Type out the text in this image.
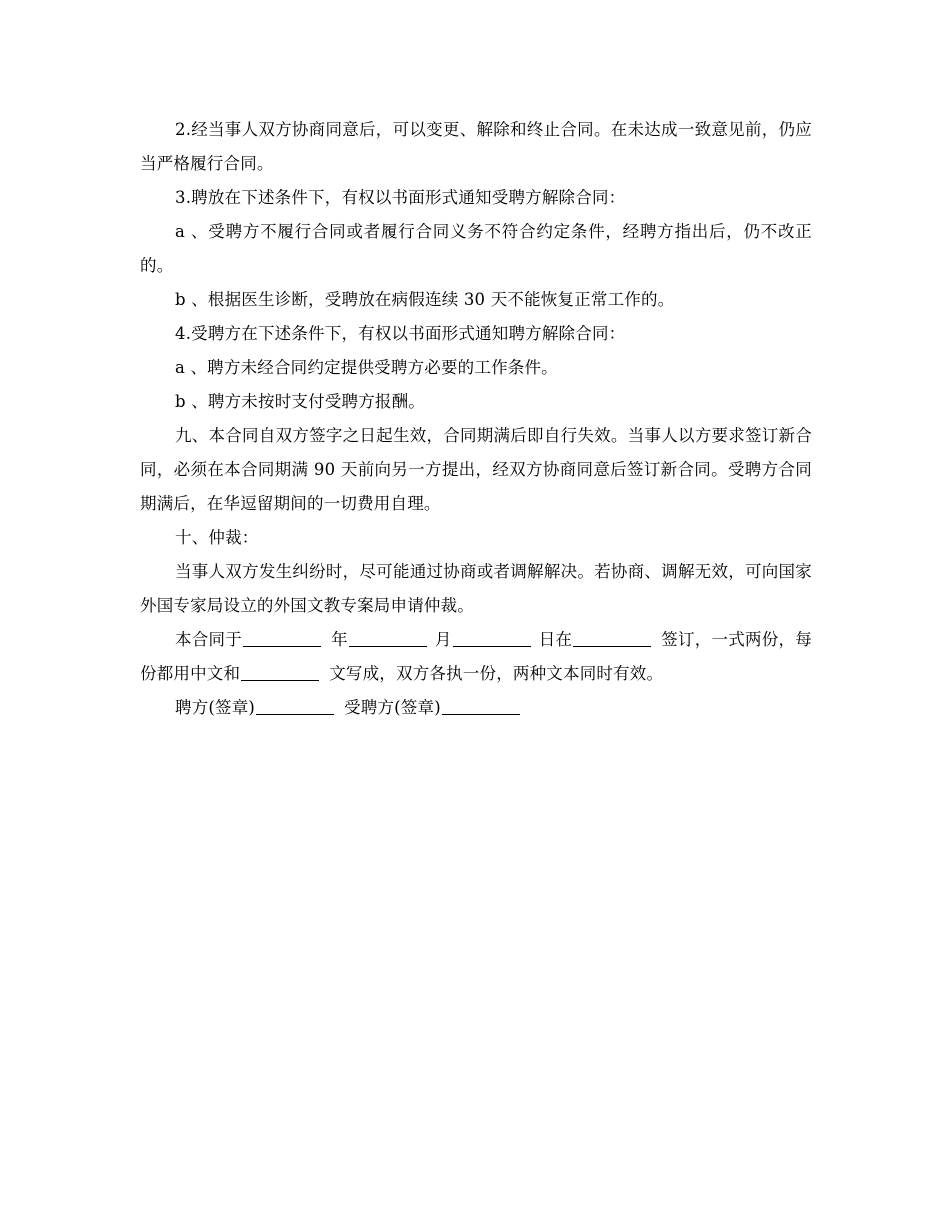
2.经当事人双方协商同意后，可以变更、解除和终止合同。在未达成一致意见前，仍应当严格履行合同。

3.聘放在下述条件下，有权以书面形式通知受聘方解除合同：

a 、受聘方不履行合同或者履行合同义务不符合约定条件，经聘方指出后，仍不改正的。

b 、根据医生诊断，受聘放在病假连续 30 天不能恢复正常工作的。

4.受聘方在下述条件下，有权以书面形式通知聘方解除合同：

a 、聘方未经合同约定提供受聘方必要的工作条件。

b 、聘方未按时支付受聘方报酬。

九、本合同自双方签字之日起生效，合同期满后即自行失效。当事人以方要求签订新合同，必须在本合同期满 90 天前向另一方提出，经双方协商同意后签订新合同。受聘方合同期满后，在华逗留期间的一切费用自理。

十、仲裁：

当事人双方发生纠纷时，尽可能通过协商或者调解解决。若协商、调解无效，可向国家外国专家局设立的外国文教专案局申请仲裁。

本合同于	年	月	日在	签订，一式两份，每份都用中文和	文写成，双方各执一份，两种文本同时有效。

聘方(签章)	受聘方(签章)
